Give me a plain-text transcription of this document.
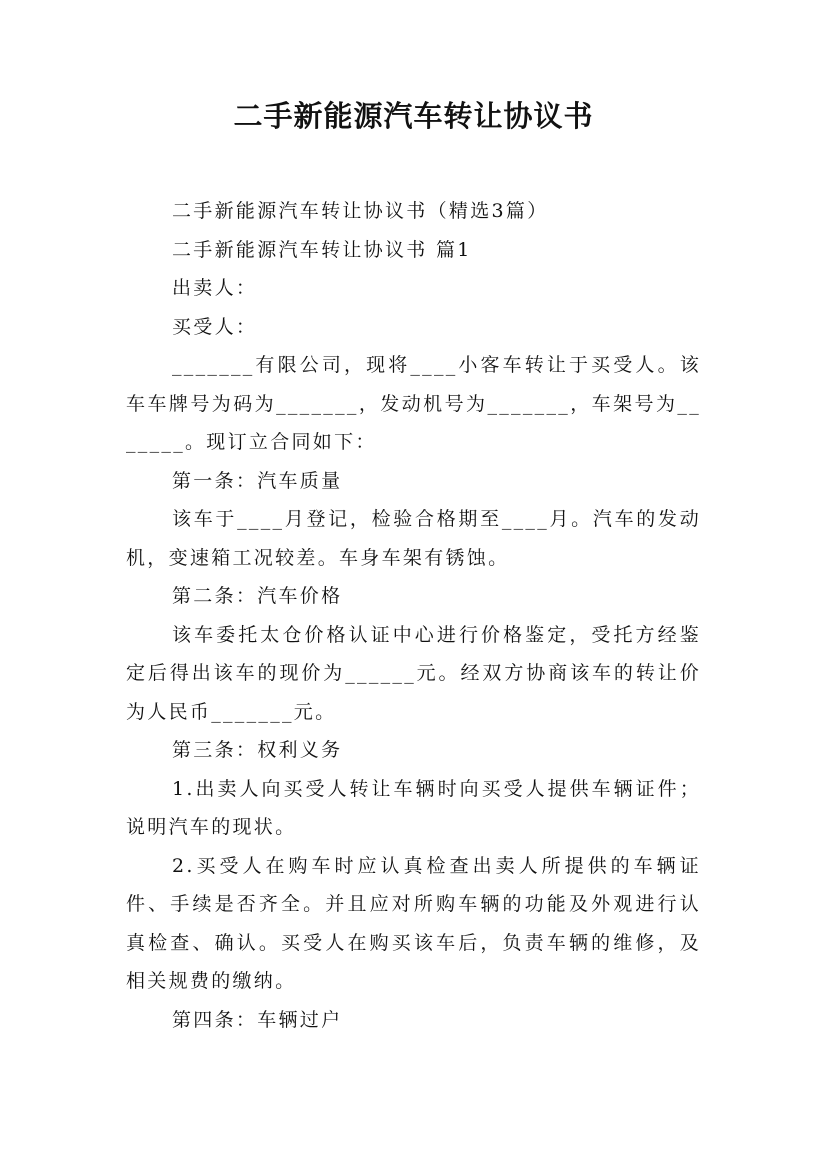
二手新能源汽车转让协议书

二手新能源汽车转让协议书（精选3篇）

二手新能源汽车转让协议书 篇1

出卖人：

买受人：

_______有限公司，现将____小客车转让于买受人。该车车牌号为码为_______，发动机号为_______，车架号为_______。现订立合同如下：

第一条：汽车质量

该车于____月登记，检验合格期至____月。汽车的发动机，变速箱工况较差。车身车架有锈蚀。

第二条：汽车价格

该车委托太仓价格认证中心进行价格鉴定，受托方经鉴定后得出该车的现价为______元。经双方协商该车的转让价为人民币_______元。

第三条：权利义务

1.出卖人向买受人转让车辆时向买受人提供车辆证件；说明汽车的现状。

2.买受人在购车时应认真检查出卖人所提供的车辆证件、手续是否齐全。并且应对所购车辆的功能及外观进行认真检查、确认。买受人在购买该车后，负责车辆的维修，及相关规费的缴纳。

第四条：车辆过户
